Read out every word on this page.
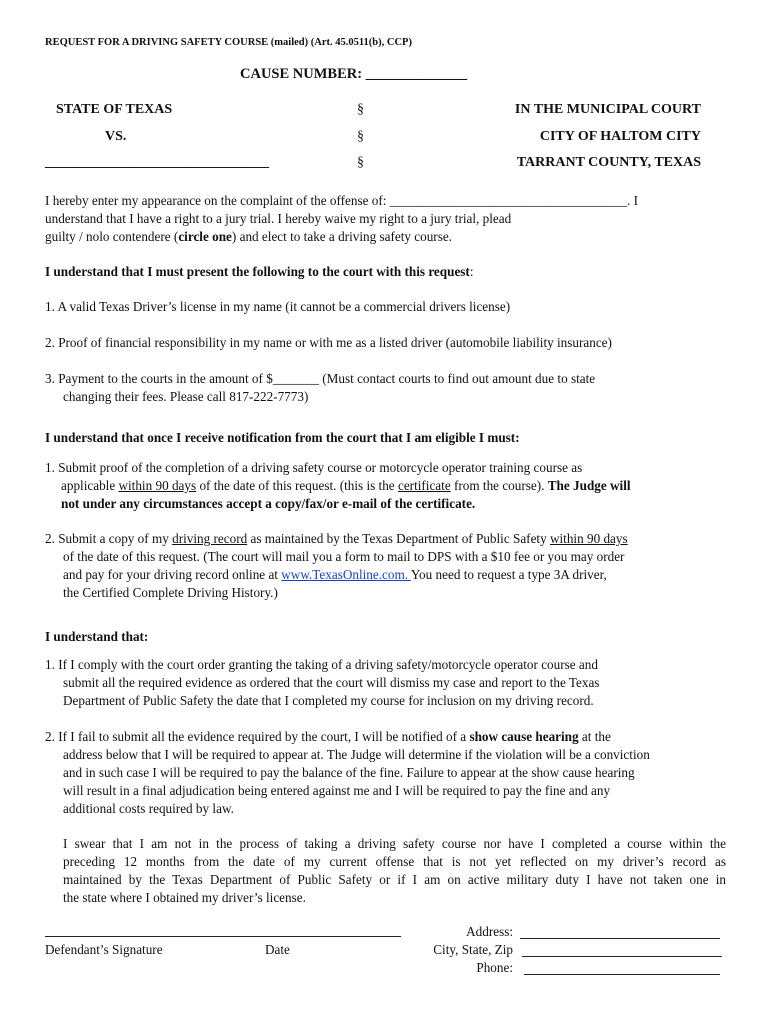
REQUEST FOR A DRIVING SAFETY COURSE (mailed) (Art. 45.0511(b), CCP)
CAUSE NUMBER: ______________
STATE OF TEXAS
VS.
________________________________
§
§
§
IN THE MUNICIPAL COURT
CITY OF HALTOM CITY
TARRANT COUNTY, TEXAS
I hereby enter my appearance on the complaint of the offense of: ____________________________________. I
understand that I have a right to a jury trial. I hereby waive my right to a jury trial, plead
guilty / nolo contendere (circle one) and elect to take a driving safety course.
I understand that I must present the following to the court with this request:
1. A valid Texas Driver’s license in my name (it cannot be a commercial drivers license)
2. Proof of financial responsibility in my name or with me as a listed driver (automobile liability insurance)
3. Payment to the courts in the amount of $_______ (Must contact courts to find out amount due to state
changing their fees. Please call 817-222-7773)
I understand that once I receive notification from the court that I am eligible I must:
1. Submit proof of the completion of a driving safety course or motorcycle operator training course as
applicable within 90 days of the date of this request. (this is the certificate from the course). The Judge will
not under any circumstances accept a copy/fax/or e-mail of the certificate.
2. Submit a copy of my driving record as maintained by the Texas Department of Public Safety within 90 days
of the date of this request. (The court will mail you a form to mail to DPS with a $10 fee or you may order
and pay for your driving record online at www.TexasOnline.com. You need to request a type 3A driver,
the Certified Complete Driving History.)
I understand that:
1. If I comply with the court order granting the taking of a driving safety/motorcycle operator course and
submit all the required evidence as ordered that the court will dismiss my case and report to the Texas
Department of Public Safety the date that I completed my course for inclusion on my driving record.
2. If I fail to submit all the evidence required by the court, I will be notified of a show cause hearing at the
address below that I will be required to appear at. The Judge will determine if the violation will be a conviction
and in such case I will be required to pay the balance of the fine. Failure to appear at the show cause hearing
will result in a final adjudication being entered against me and I will be required to pay the fine and any
additional costs required by law.
I swear that I am not in the process of taking a driving safety course nor have I completed a course within the
preceding 12 months from the date of my current offense that is not yet reflected on my driver’s record as
maintained by the Texas Department of Public Safety or if I am on active military duty I have not taken one in
the state where I obtained my driver’s license.
Defendant’s Signature	Date
Address:
City, State, Zip
Phone:
